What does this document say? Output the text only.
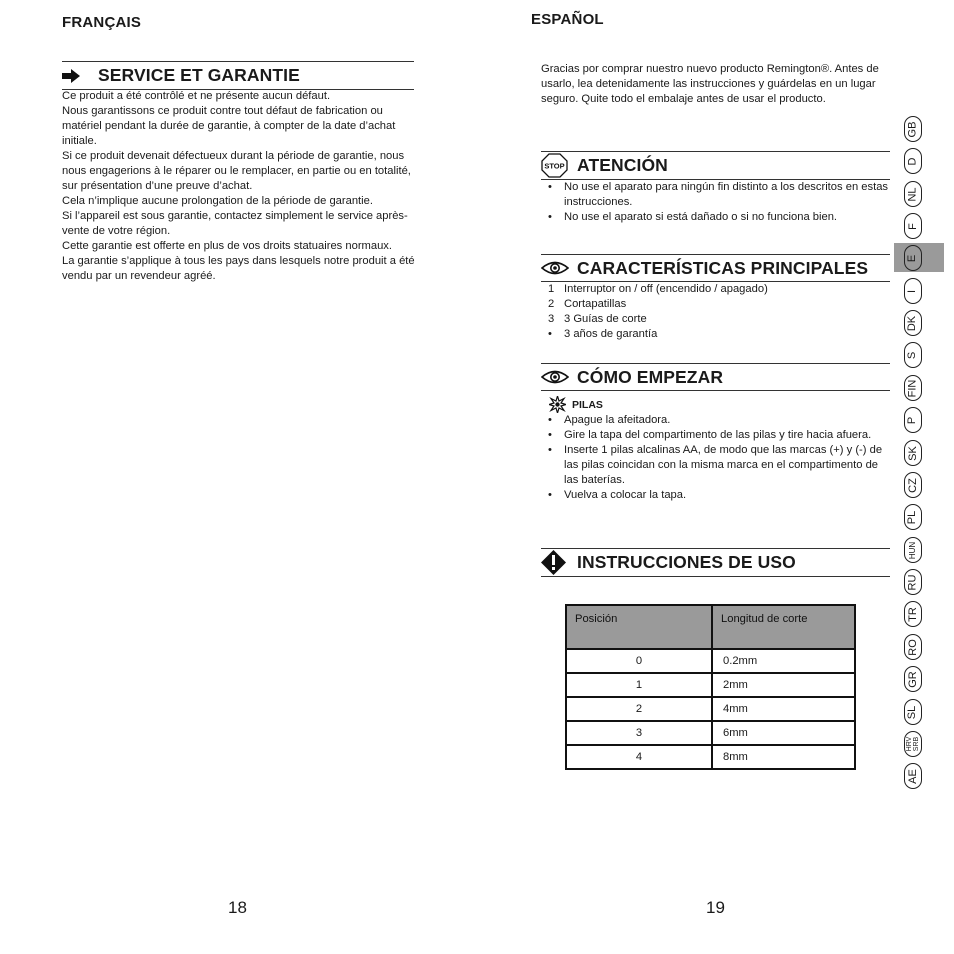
FRANÇAIS
SERVICE ET GARANTIE

Ce produit a été contrôlé et ne présente aucun défaut.

Nous garantissons ce produit contre tout défaut de fabrication ou matériel pendant la durée de garantie, à compter de la date d’achat initiale.

Si ce produit devenait défectueux durant la période de garantie, nous nous engagerions à le réparer ou le remplacer, en partie ou en totalité, sur présentation d’une preuve d’achat.

Cela n’implique aucune prolongation de la période de garantie.

Si l’appareil est sous garantie, contactez simplement le service après-vente de votre région.

Cette garantie est offerte en plus de vos droits statuaires normaux.

La garantie s’applique à tous les pays dans lesquels notre produit a été vendu par un revendeur agréé.

18
ESPAÑOL
Gracias por comprar nuestro nuevo producto Remington®. Antes de usarlo, lea detenidamente las instrucciones y guárdelas en un lugar seguro. Quite todo el embalaje antes de usar el producto.
STOP ATENCIÓN
• No use el aparato para ningún fin distinto a los descritos en estas instrucciones.
• No use el aparato si está dañado o si no funciona bien.
CARACTERÍSTICAS PRINCIPALES
1 Interruptor on / off (encendido / apagado)
2 Cortapatillas
3 3 Guías de corte
•	3 años de garantía
CÓMO EMPEZAR
PILAS
• Apague la afeitadora.
• Gire la tapa del compartimento de las pilas y tire hacia afuera.
• Inserte 1 pilas alcalinas AA, de modo que las marcas (+) y (-) de las pilas coincidan con la misma marca en el compartimento de las baterías.
• Vuelva a colocar la tapa.
INSTRUCCIONES DE USO
Posición	Longitud de corte
0	0.2mm
1	2mm
2	4mm
3	6mm
4	8mm
19
GB
D
NL
F
E
I
DK
S
FIN
P
SK
CZ
PL
HUN
RU
TR
RO
GR
SL
HRV SRB
AE
